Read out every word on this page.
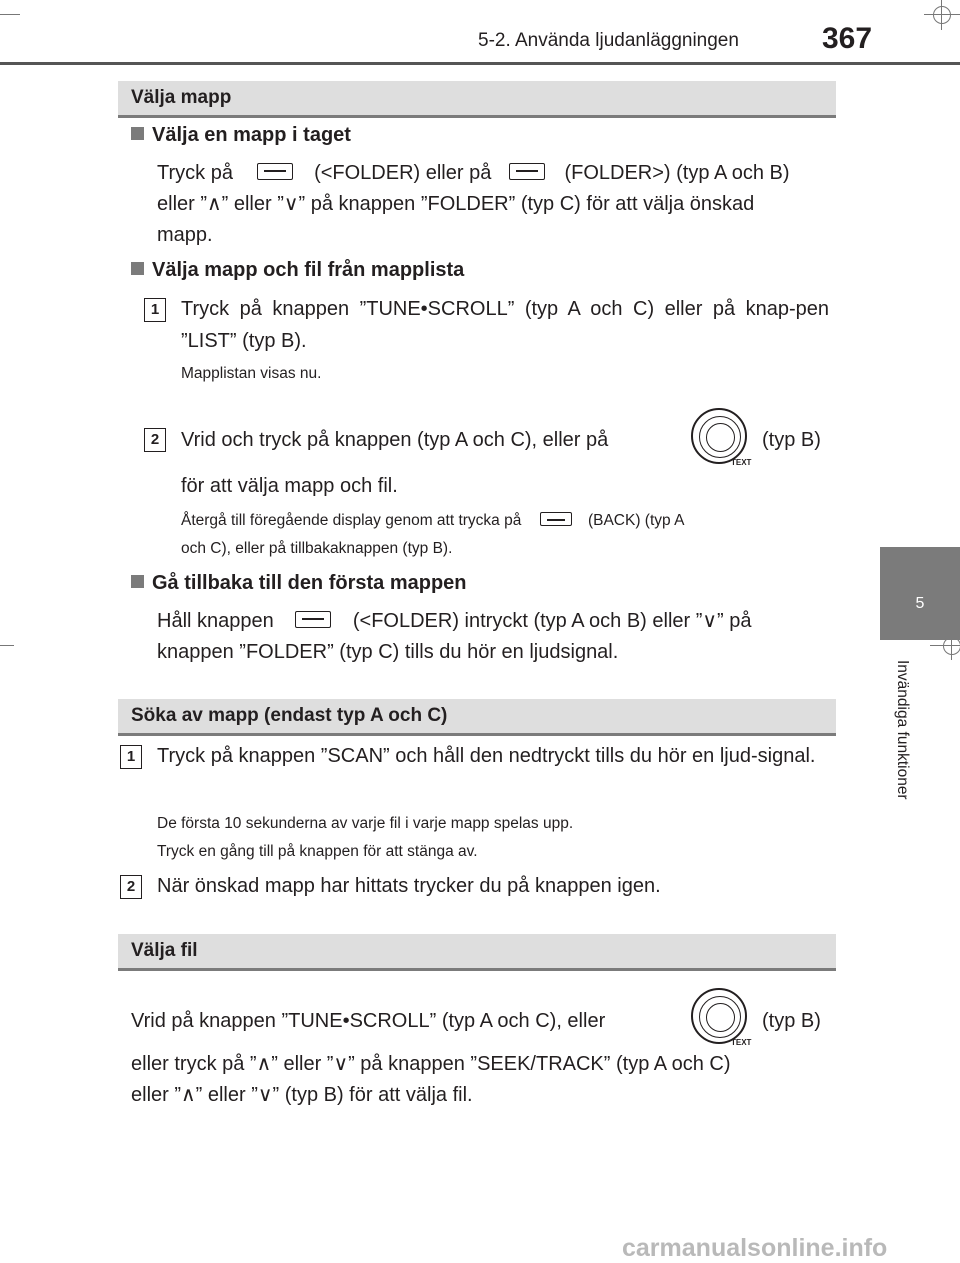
5-2. Använda ljudanläggningen	367
5
Invändiga funktioner
Välja mapp
Välja en mapp i taget
Tryck på	(<FOLDER) eller på	(FOLDER>) (typ A och B)
eller ”∧” eller ”∨” på knappen ”FOLDER” (typ C) för att välja önskad
mapp.
Välja mapp och fil från mapplista
1	Tryck på knappen ”TUNE•SCROLL” (typ A och C) eller på knap-pen ”LIST” (typ B).
Mapplistan visas nu.
2	Vrid och tryck på knappen (typ A och C), eller på
TEXT
(typ B)
för att välja mapp och fil.
Återgå till föregående display genom att trycka på	(BACK) (typ A
och C), eller på tillbakaknappen (typ B).
Gå tillbaka till den första mappen
Håll knappen	(<FOLDER) intryckt (typ A och B) eller ”∨” på
knappen ”FOLDER” (typ C) tills du hör en ljudsignal.
Söka av mapp (endast typ A och C)
1	Tryck på knappen ”SCAN” och håll den nedtryckt tills du hör en ljud-signal.
De första 10 sekunderna av varje fil i varje mapp spelas upp.
Tryck en gång till på knappen för att stänga av.
2	När önskad mapp har hittats trycker du på knappen igen.
Välja fil
Vrid på knappen ”TUNE•SCROLL” (typ A och C), eller
TEXT
(typ B)
eller tryck på ”∧” eller ”∨” på knappen ”SEEK/TRACK” (typ A och C)
eller ”∧” eller ”∨” (typ B) för att välja fil.
carmanualsonline.info
